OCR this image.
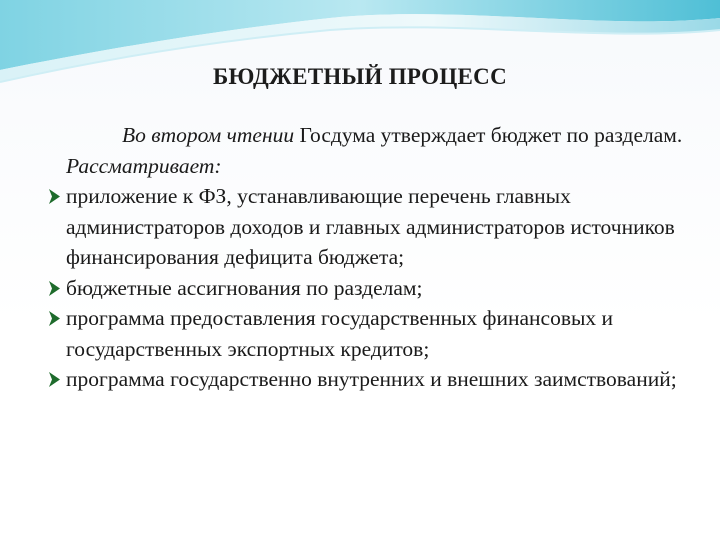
БЮДЖЕТНЫЙ ПРОЦЕСС

Во втором чтении Госдума утверждает бюджет по разделам. Рассматривает:

приложение к ФЗ, устанавливающие перечень главных администраторов доходов и главных администраторов источников финансирования дефицита бюджета;
бюджетные ассигнования по разделам;
программа предоставления государственных финансовых и государственных экспортных кредитов;
программа государственно внутренних и внешних заимствований;
